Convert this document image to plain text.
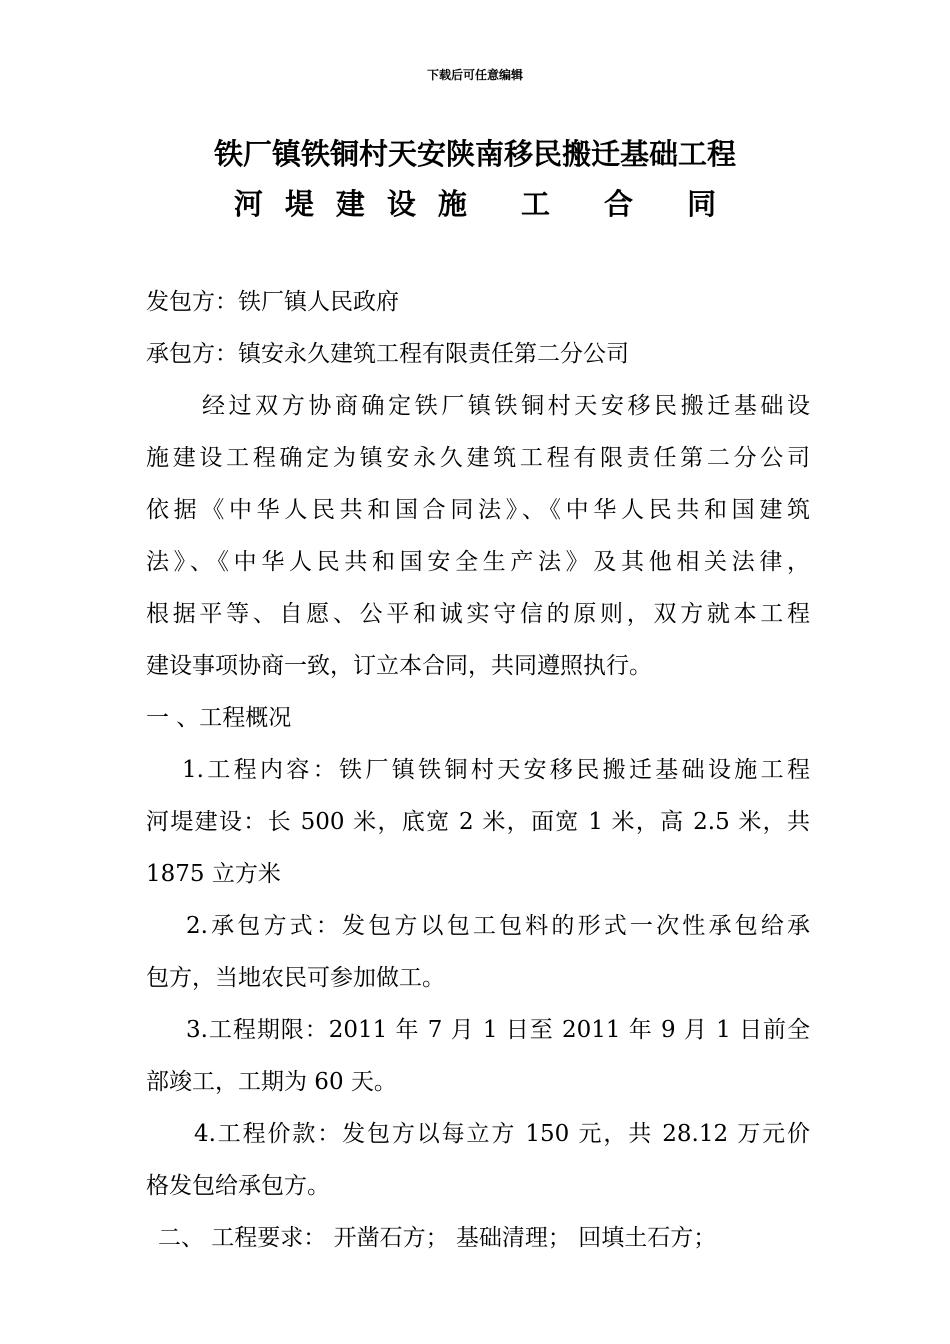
下载后可任意编辑
铁厂镇铁铜村天安陕南移民搬迁基础工程
河堤建设施 工 合 同
发包方：铁厂镇人民政府
承包方：镇安永久建筑工程有限责任第二分公司
经过双方协商确定铁厂镇铁铜村天安移民搬迁基础设
施建设工程确定为镇安永久建筑工程有限责任第二分公司
依据《中华人民共和国合同法》、《中华人民共和国建筑
法》、《中华人民共和国安全生产法》及其他相关法律，
根据平等、自愿、公平和诚实守信的原则，双方就本工程
建设事项协商一致，订立本合同，共同遵照执行。
一 、工程概况
1.工程内容：铁厂镇铁铜村天安移民搬迁基础设施工程
河堤建设：长 500 米，底宽 2 米，面宽 1 米，高 2.5 米，共
1875 立方米
2.承包方式：发包方以包工包料的形式一次性承包给承
包方，当地农民可参加做工。
3.工程期限：2011 年 7 月 1 日至 2011 年 9 月 1 日前全
部竣工，工期为 60 天。
4.工程价款：发包方以每立方 150 元，共 28.12 万元价
格发包给承包方。
二、 工程要求： 开凿石方； 基础清理； 回填土石方；
